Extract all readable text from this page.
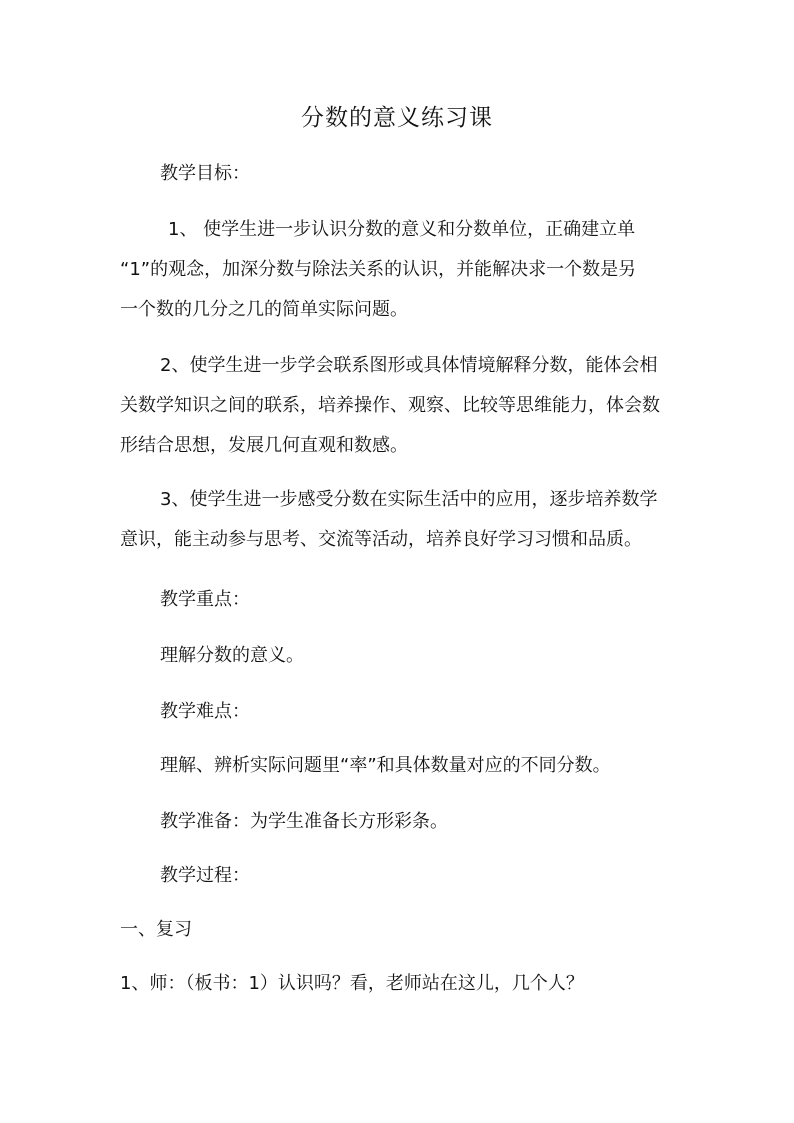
分数的意义练习课
教学目标：
1、 使学生进一步认识分数的意义和分数单位，正确建立单
“1”的观念，加深分数与除法关系的认识，并能解决求一个数是另
一个数的几分之几的简单实际问题。
2、使学生进一步学会联系图形或具体情境解释分数，能体会相
关数学知识之间的联系，培养操作、观察、比较等思维能力，体会数
形结合思想，发展几何直观和数感。
3、使学生进一步感受分数在实际生活中的应用，逐步培养数学
意识，能主动参与思考、交流等活动，培养良好学习习惯和品质。
教学重点：
理解分数的意义。
教学难点：
理解、辨析实际问题里“率”和具体数量对应的不同分数。
教学准备：为学生准备长方形彩条。
教学过程：
一、复习
1、师：（板书：1）认识吗？看，老师站在这儿，几个人？
